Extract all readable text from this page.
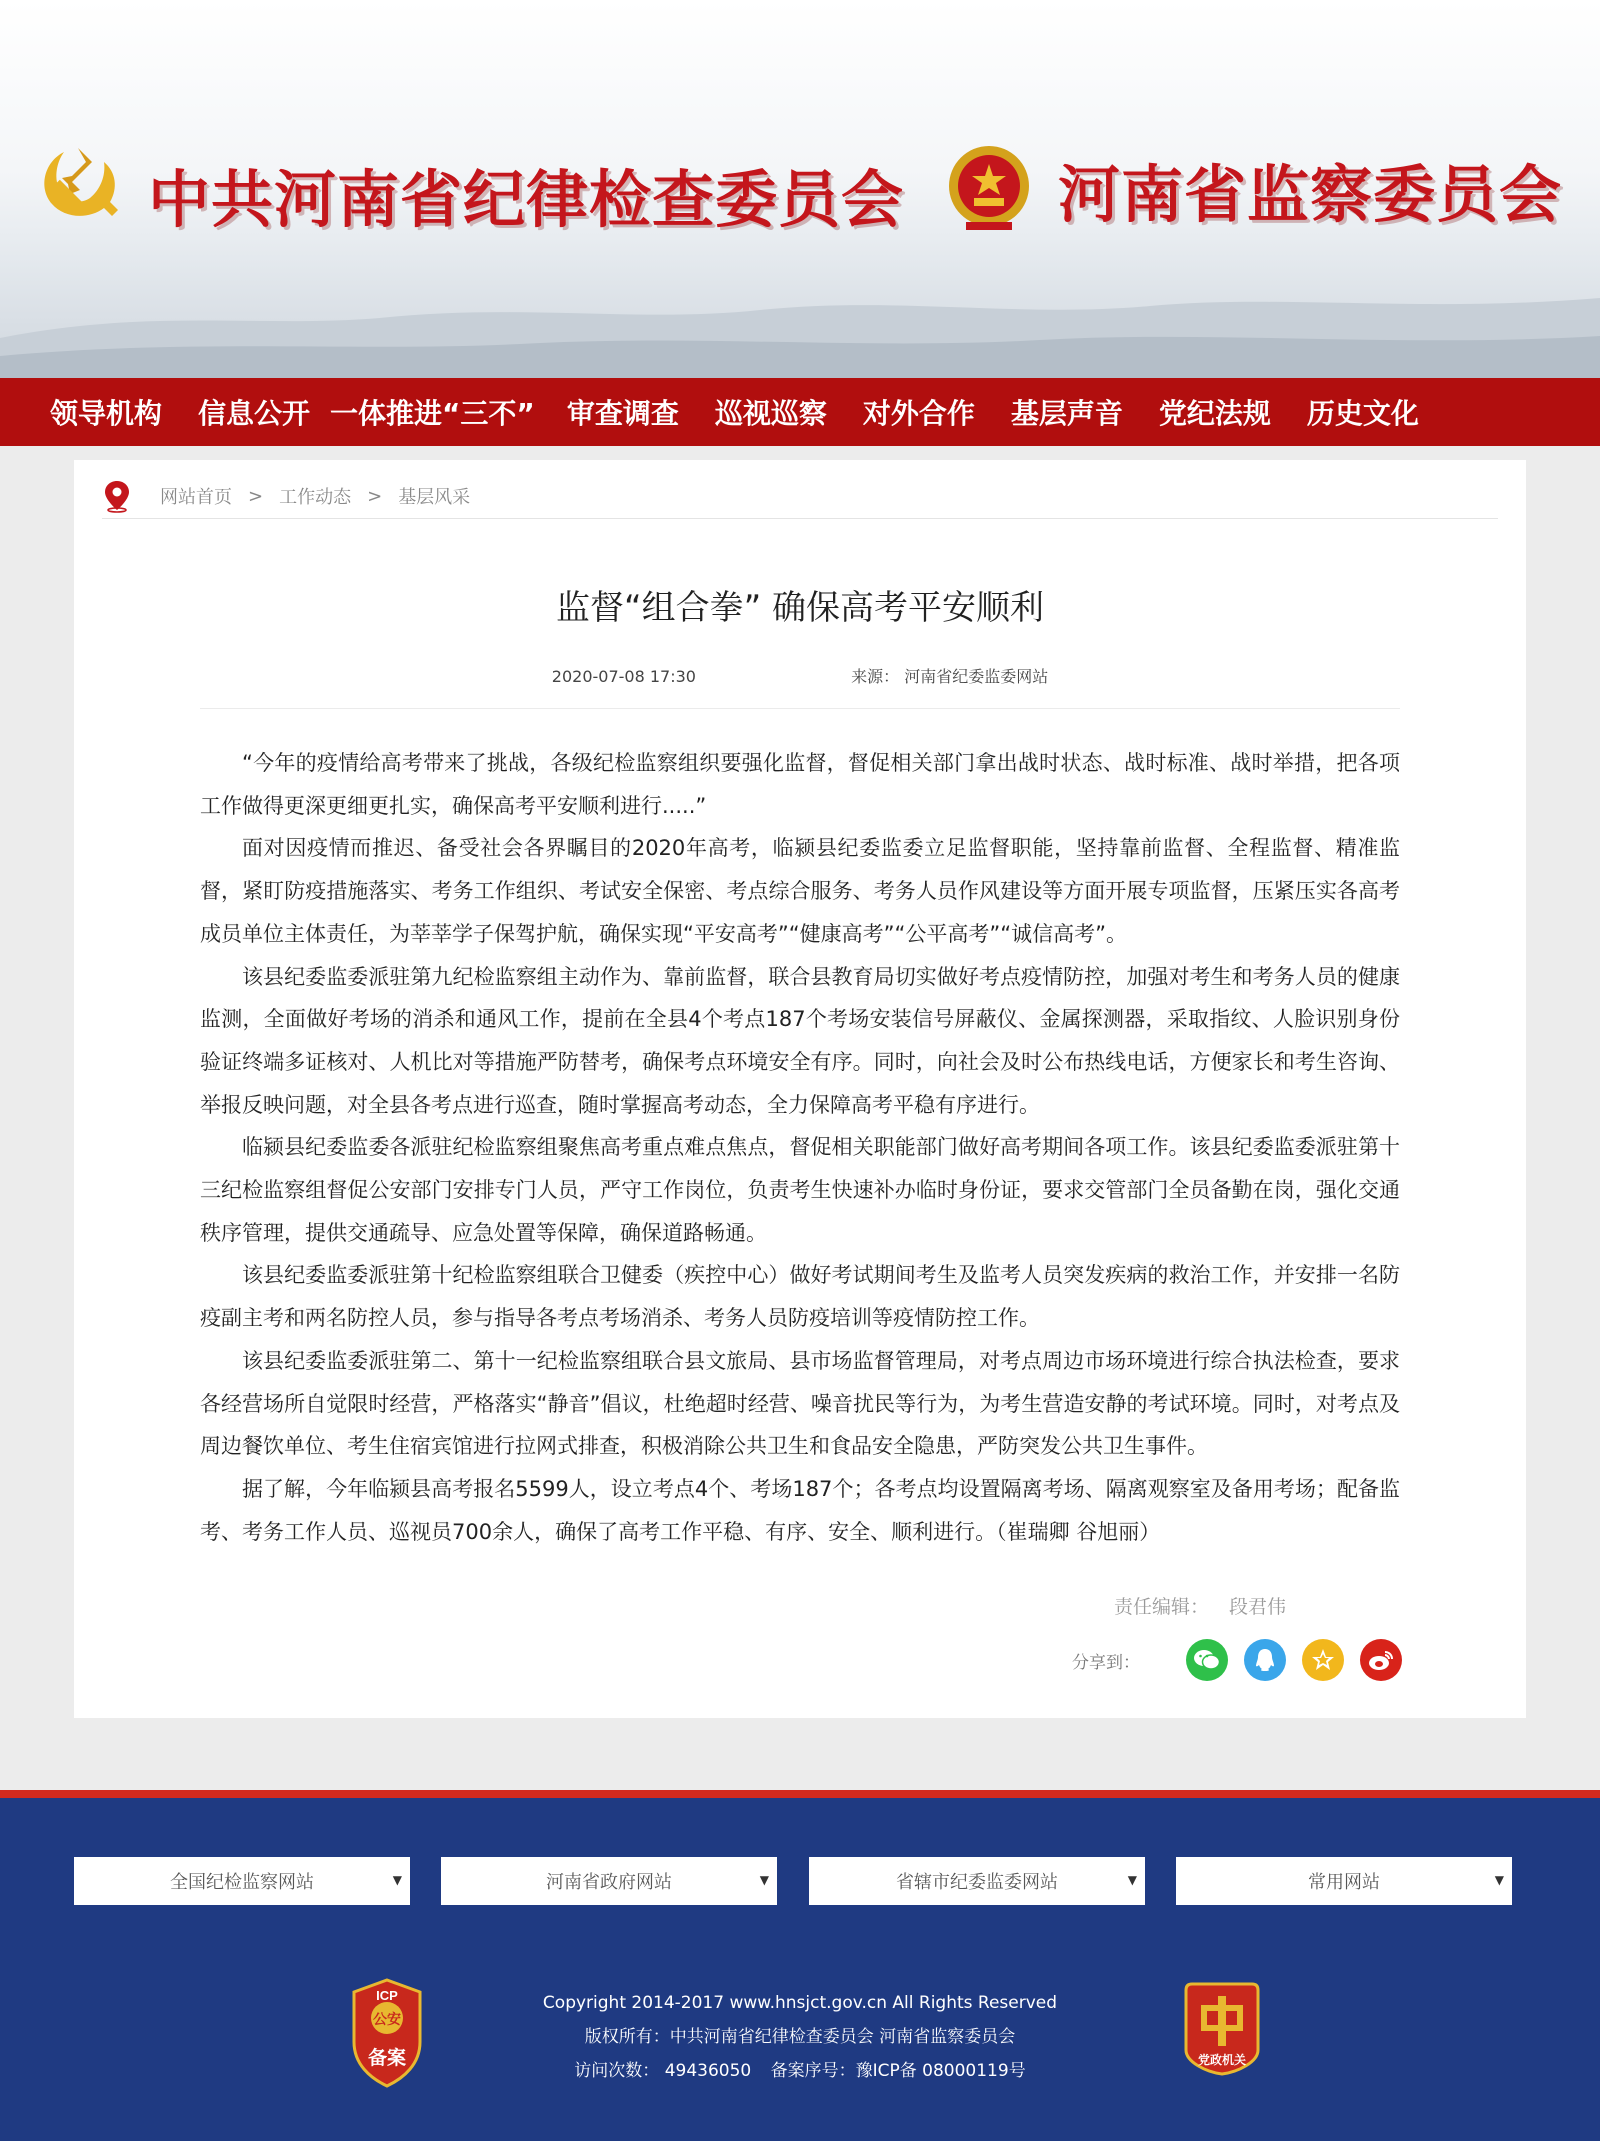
中共河南省纪律检查委员会 河南省监察委员会
领导机构 信息公开 一体推进“三不” 审查调查 巡视巡察 对外合作 基层声音 党纪法规 历史文化
网站首页 > 工作动态 > 基层风采
监督“组合拳” 确保高考平安顺利
2020-07-08 17:30	来源： 河南省纪委监委网站

“今年的疫情给高考带来了挑战，各级纪检监察组织要强化监督，督促相关部门拿出战时状态、战时标准、战时举措，把各项工作做得更深更细更扎实，确保高考平安顺利进行.....”

面对因疫情而推迟、备受社会各界瞩目的2020年高考，临颍县纪委监委立足监督职能，坚持靠前监督、全程监督、精准监督，紧盯防疫措施落实、考务工作组织、考试安全保密、考点综合服务、考务人员作风建设等方面开展专项监督，压紧压实各高考成员单位主体责任，为莘莘学子保驾护航，确保实现“平安高考”“健康高考”“公平高考”“诚信高考”。

该县纪委监委派驻第九纪检监察组主动作为、靠前监督，联合县教育局切实做好考点疫情防控，加强对考生和考务人员的健康监测，全面做好考场的消杀和通风工作，提前在全县4个考点187个考场安装信号屏蔽仪、金属探测器，采取指纹、人脸识别身份验证终端多证核对、人机比对等措施严防替考，确保考点环境安全有序。同时，向社会及时公布热线电话，方便家长和考生咨询、举报反映问题，对全县各考点进行巡查，随时掌握高考动态，全力保障高考平稳有序进行。

临颍县纪委监委各派驻纪检监察组聚焦高考重点难点焦点，督促相关职能部门做好高考期间各项工作。该县纪委监委派驻第十三纪检监察组督促公安部门安排专门人员，严守工作岗位，负责考生快速补办临时身份证，要求交管部门全员备勤在岗，强化交通秩序管理，提供交通疏导、应急处置等保障，确保道路畅通。

该县纪委监委派驻第十纪检监察组联合卫健委（疾控中心）做好考试期间考生及监考人员突发疾病的救治工作，并安排一名防疫副主考和两名防控人员，参与指导各考点考场消杀、考务人员防疫培训等疫情防控工作。

该县纪委监委派驻第二、第十一纪检监察组联合县文旅局、县市场监督管理局，对考点周边市场环境进行综合执法检查，要求各经营场所自觉限时经营，严格落实“静音”倡议，杜绝超时经营、噪音扰民等行为，为考生营造安静的考试环境。同时，对考点及周边餐饮单位、考生住宿宾馆进行拉网式排查，积极消除公共卫生和食品安全隐患，严防突发公共卫生事件。

据了解，今年临颍县高考报名5599人，设立考点4个、考场187个；各考点均设置隔离考场、隔离观察室及备用考场；配备监考、考务工作人员、巡视员700余人，确保了高考工作平稳、有序、安全、顺利进行。（崔瑞卿 谷旭丽）

责任编辑： 段君伟
分享到：
全国纪检监察网站	▼	河南省政府网站	▼	省辖市纪委监委网站	▼	常用网站	▼
ICP
公安
备案
Copyright 2014-2017 www.hnsjct.gov.cn All Rights Reserved
版权所有：中共河南省纪律检查委员会 河南省监察委员会
访问次数： 49436050 备案序号：豫ICP备 08000119号
党政机关
